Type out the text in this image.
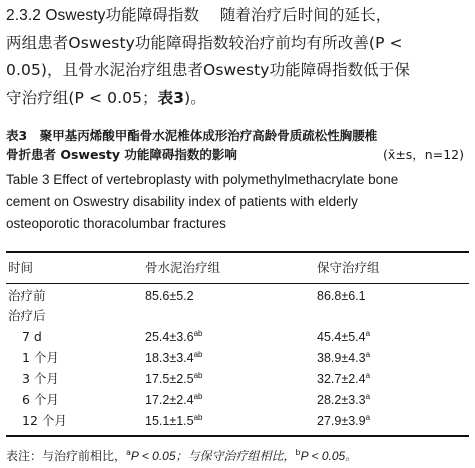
2.3.2 Oswesty功能障碍指数　 随着治疗后时间的延长，
两组患者Oswesty功能障碍指数较治疗前均有所改善(P <
0.05)，且骨水泥治疗组患者Oswesty功能障碍指数低于保
守治疗组(P < 0.05；表3)。
表3　聚甲基丙烯酸甲酯骨水泥椎体成形治疗高龄骨质疏松性胸腰椎
骨折患者 Oswesty 功能障碍指数的影响	(x̄±s，n=12)
Table 3 Effect of vertebroplasty with polymethylmethacrylate bone
cement on Oswestry disability index of patients with elderly
osteoporotic thoracolumbar fractures
时间	骨水泥治疗组	保守治疗组
治疗前	85.6±5.2	86.8±6.1
治疗后
7 d	25.4±3.6$^{ab}$	45.4±5.4$^a$
1 个月	18.3±3.4$^{ab}$	38.9±4.3$^a$
3 个月	17.5±2.5$^{ab}$	32.7±2.4$^a$
6 个月	17.2±2.4$^{ab}$	28.2±3.3$^a$
12 个月	15.1±1.5$^{ab}$	27.9±3.9$^a$
表注：与治疗前相比，$^a$P < 0.05；与保守治疗组相比，$^b$P < 0.05。
